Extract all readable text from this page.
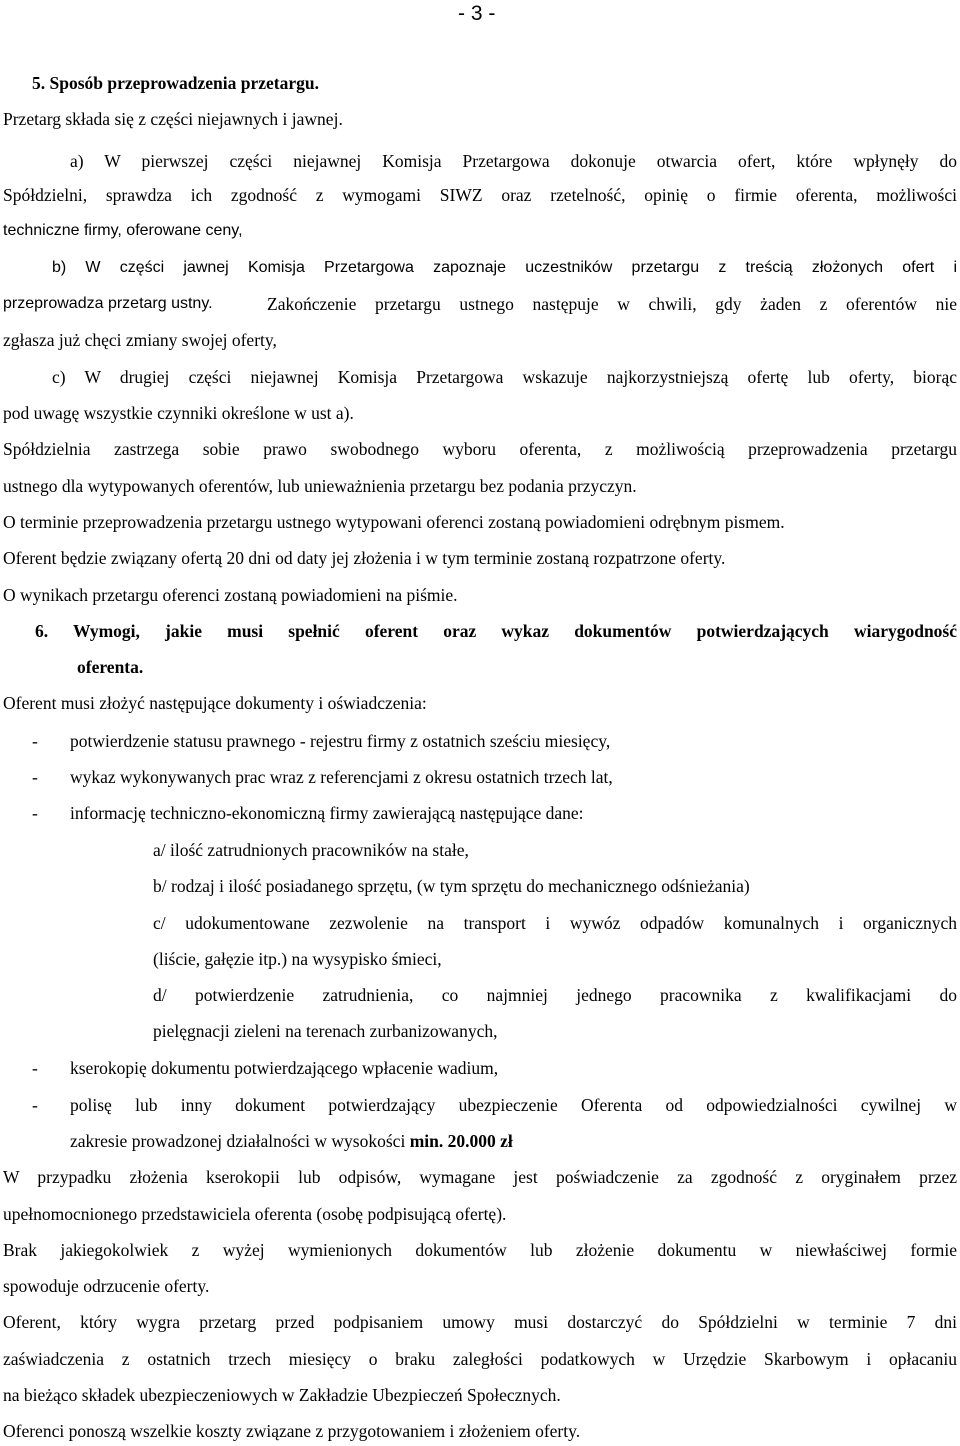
- 3 -
5. Sposób przeprowadzenia przetargu.
Przetarg składa się z części niejawnych i jawnej.
a) W pierwszej części niejawnej Komisja Przetargowa dokonuje otwarcia ofert, które wpłynęły do
Spółdzielni, sprawdza ich zgodność z wymogami SIWZ oraz rzetelność, opinię o firmie oferenta, możliwości
techniczne firmy, oferowane ceny,
b) W części jawnej Komisja Przetargowa zapoznaje uczestników przetargu z treścią złożonych ofert i
przeprowadza przetarg ustny.	Zakończenie przetargu ustnego następuje w chwili, gdy żaden z oferentów nie
zgłasza już chęci zmiany swojej oferty,
c) W drugiej części niejawnej Komisja Przetargowa wskazuje najkorzystniejszą ofertę lub oferty, biorąc
pod uwagę wszystkie czynniki określone w ust a).
Spółdzielnia zastrzega sobie prawo swobodnego wyboru oferenta, z możliwością przeprowadzenia przetargu
ustnego dla wytypowanych oferentów, lub unieważnienia przetargu bez podania przyczyn.
O terminie przeprowadzenia przetargu ustnego wytypowani oferenci zostaną powiadomieni odrębnym pismem.
Oferent będzie związany ofertą 20 dni od daty jej złożenia i w tym terminie zostaną rozpatrzone oferty.
O wynikach przetargu oferenci zostaną powiadomieni na piśmie.
6. Wymogi, jakie musi spełnić oferent oraz wykaz dokumentów potwierdzających wiarygodność
oferenta.
Oferent musi złożyć następujące dokumenty i oświadczenia:
- potwierdzenie statusu prawnego - rejestru firmy z ostatnich sześciu miesięcy,
- wykaz wykonywanych prac wraz z referencjami z okresu ostatnich trzech lat,
- informację techniczno-ekonomiczną firmy zawierającą następujące dane:
a/ ilość zatrudnionych pracowników na stałe,
b/ rodzaj i ilość posiadanego sprzętu, (w tym sprzętu do mechanicznego odśnieżania)
c/ udokumentowane zezwolenie na transport i wywóz odpadów komunalnych i organicznych
(liście, gałęzie itp.) na wysypisko śmieci,
d/ potwierdzenie zatrudnienia, co najmniej jednego pracownika z kwalifikacjami do
pielęgnacji zieleni na terenach zurbanizowanych,
- kserokopię dokumentu potwierdzającego wpłacenie wadium,
- polisę lub inny dokument potwierdzający ubezpieczenie Oferenta od odpowiedzialności cywilnej w
zakresie prowadzonej działalności w wysokości min. 20.000 zł
W przypadku złożenia kserokopii lub odpisów, wymagane jest poświadczenie za zgodność z oryginałem przez
upełnomocnionego przedstawiciela oferenta (osobę podpisującą ofertę).
Brak jakiegokolwiek z wyżej wymienionych dokumentów lub złożenie dokumentu w niewłaściwej formie
spowoduje odrzucenie oferty.
Oferent, który wygra przetarg przed podpisaniem umowy musi dostarczyć do Spółdzielni w terminie 7 dni
zaświadczenia z ostatnich trzech miesięcy o braku zaległości podatkowych w Urzędzie Skarbowym i opłacaniu
na bieżąco składek ubezpieczeniowych w Zakładzie Ubezpieczeń Społecznych.
Oferenci ponoszą wszelkie koszty związane z przygotowaniem i złożeniem oferty.
